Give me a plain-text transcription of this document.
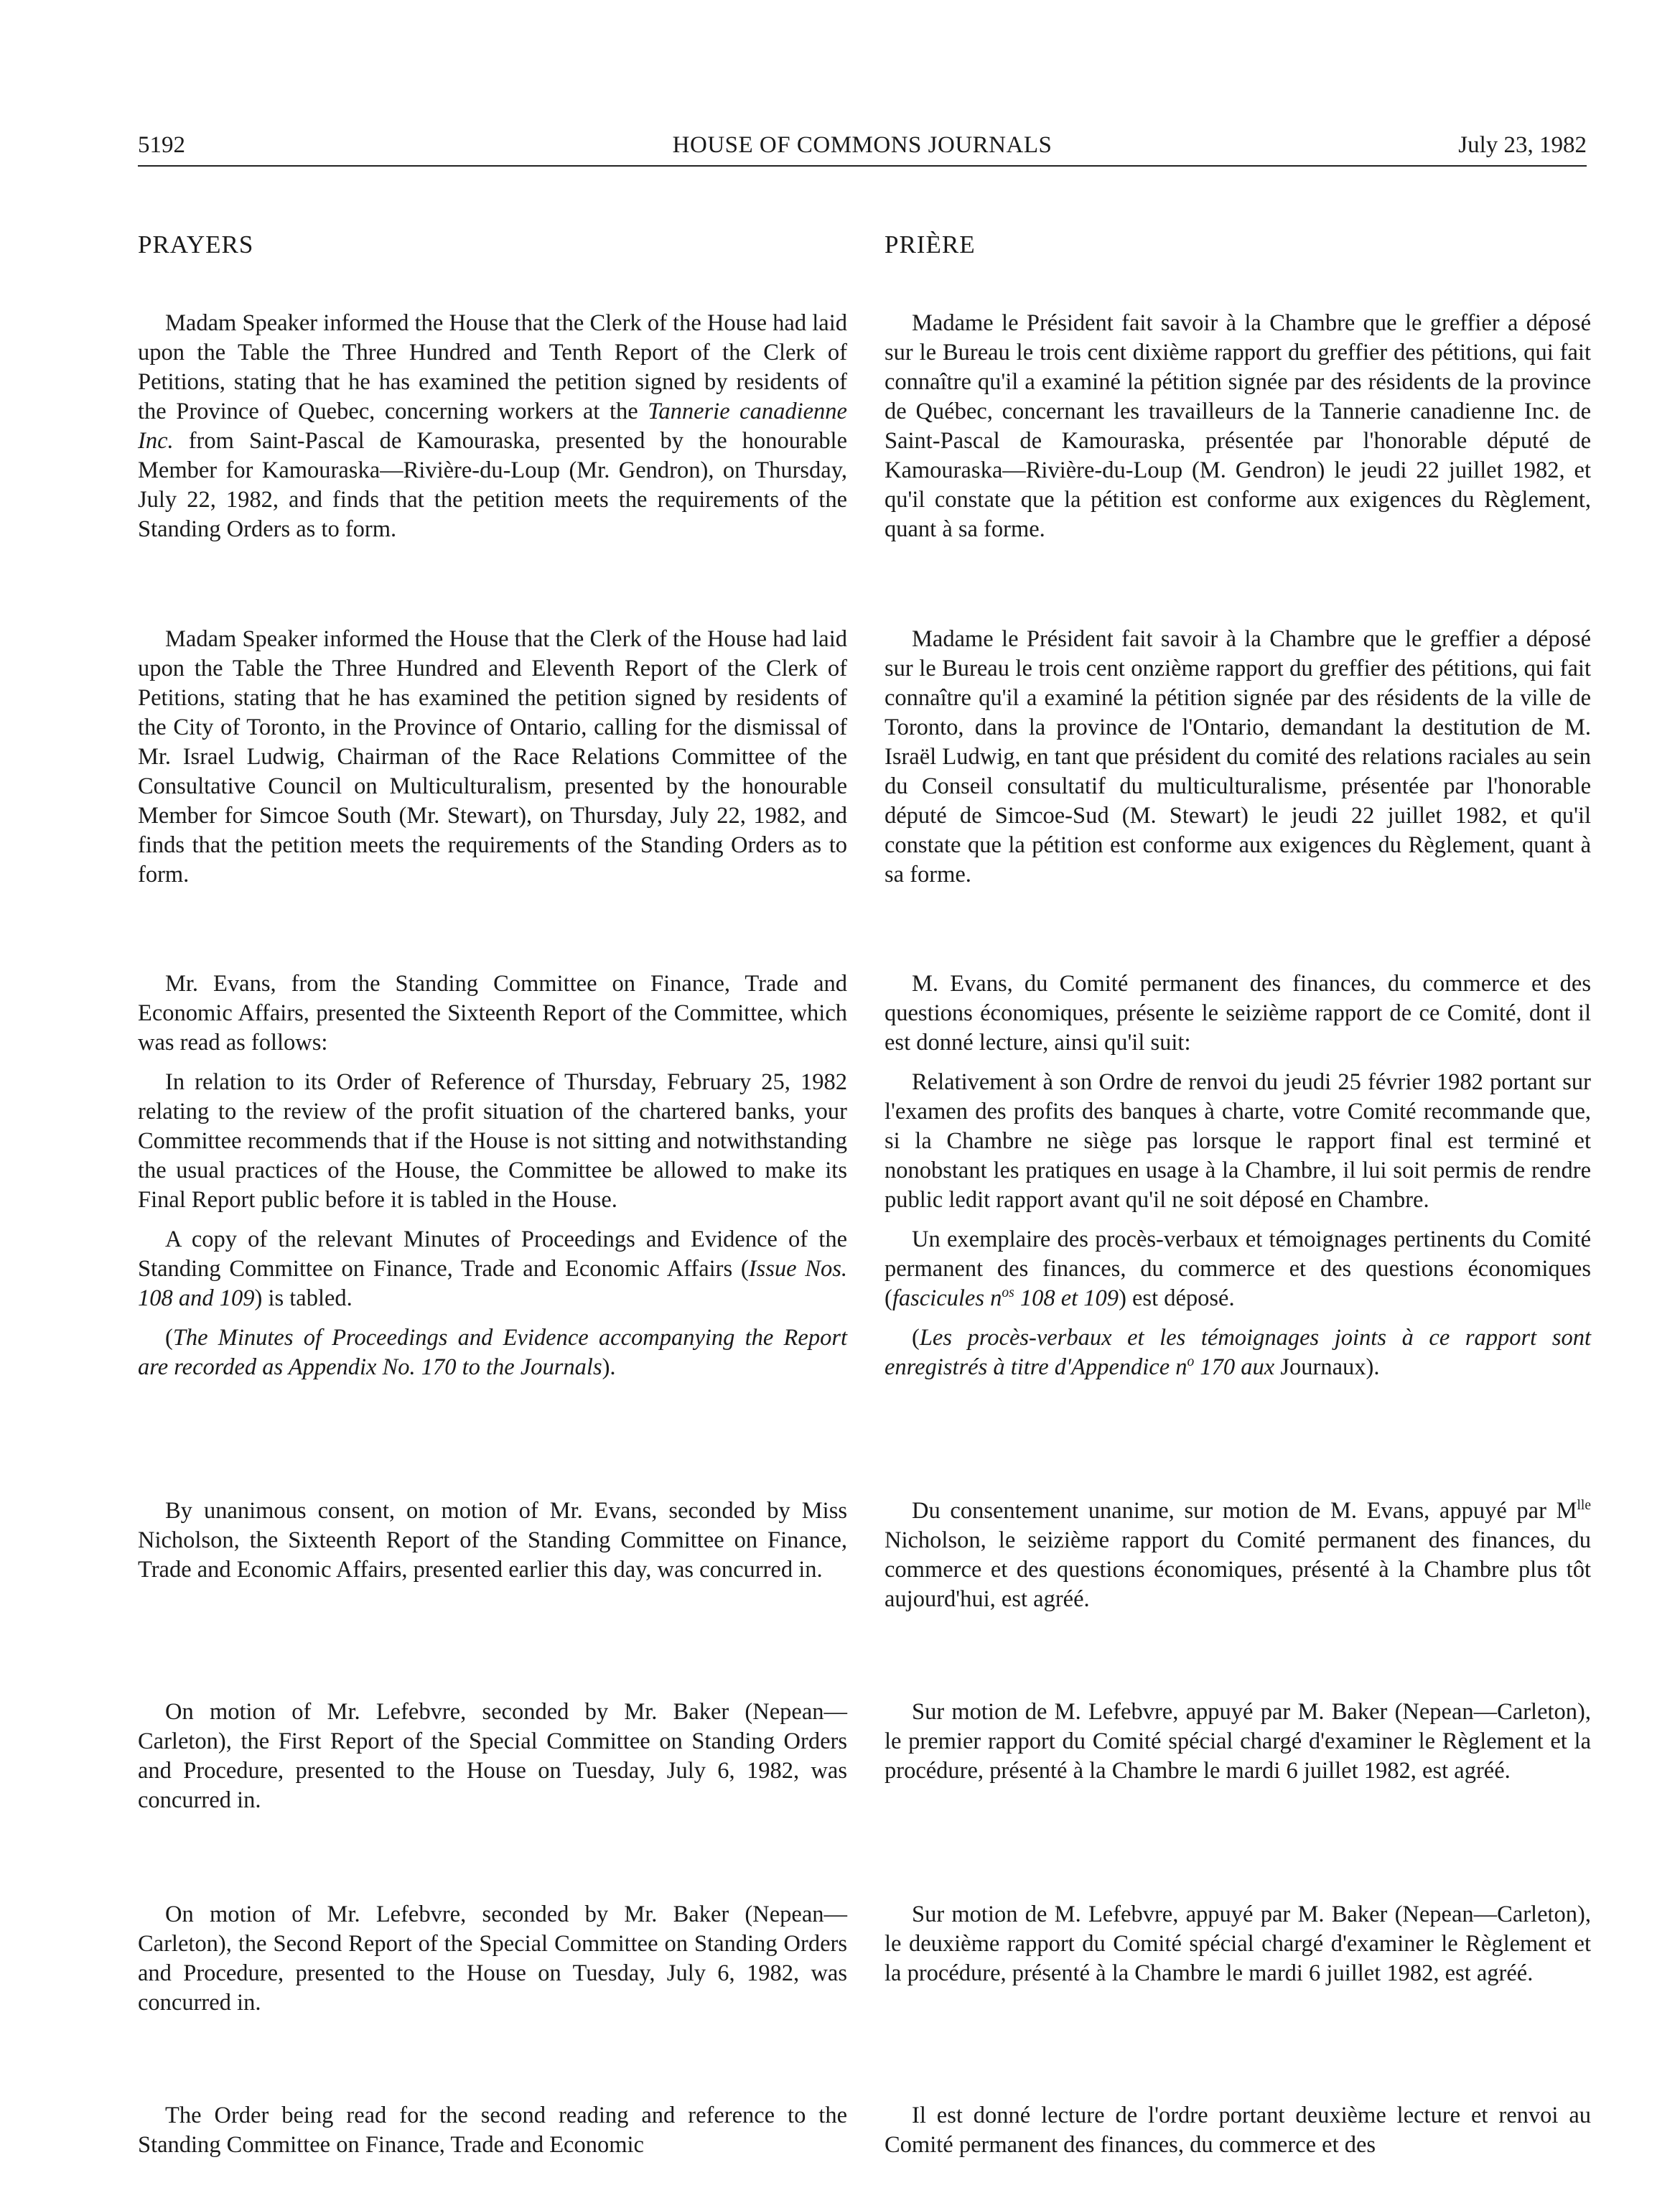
5192	HOUSE OF COMMONS JOURNALS	July 23, 1982
PRAYERS

Madam Speaker informed the House that the Clerk of the House had laid upon the Table the Three Hundred and Tenth Report of the Clerk of Petitions, stating that he has examined the petition signed by residents of the Province of Quebec, concerning workers at the Tannerie canadienne Inc. from Saint-Pascal de Kamouraska, presented by the honourable Member for Kamouraska—Rivière-du-Loup (Mr. Gendron), on Thursday, July 22, 1982, and finds that the petition meets the requirements of the Standing Orders as to form.

Madam Speaker informed the House that the Clerk of the House had laid upon the Table the Three Hundred and Eleventh Report of the Clerk of Petitions, stating that he has examined the petition signed by residents of the City of Toronto, in the Province of Ontario, calling for the dismissal of Mr. Israel Ludwig, Chairman of the Race Relations Committee of the Consultative Council on Multiculturalism, presented by the honourable Member for Simcoe South (Mr. Stewart), on Thursday, July 22, 1982, and finds that the petition meets the requirements of the Standing Orders as to form.

Mr. Evans, from the Standing Committee on Finance, Trade and Economic Affairs, presented the Sixteenth Report of the Committee, which was read as follows:

In relation to its Order of Reference of Thursday, February 25, 1982 relating to the review of the profit situation of the chartered banks, your Committee recommends that if the House is not sitting and notwithstanding the usual practices of the House, the Committee be allowed to make its Final Report public before it is tabled in the House.

A copy of the relevant Minutes of Proceedings and Evidence of the Standing Committee on Finance, Trade and Economic Affairs (Issue Nos. 108 and 109) is tabled.

(The Minutes of Proceedings and Evidence accompanying the Report are recorded as Appendix No. 170 to the Journals).

By unanimous consent, on motion of Mr. Evans, seconded by Miss Nicholson, the Sixteenth Report of the Standing Committee on Finance, Trade and Economic Affairs, presented earlier this day, was concurred in.

On motion of Mr. Lefebvre, seconded by Mr. Baker (Nepean—Carleton), the First Report of the Special Committee on Standing Orders and Procedure, presented to the House on Tuesday, July 6, 1982, was concurred in.

On motion of Mr. Lefebvre, seconded by Mr. Baker (Nepean—Carleton), the Second Report of the Special Committee on Standing Orders and Procedure, presented to the House on Tuesday, July 6, 1982, was concurred in.

The Order being read for the second reading and reference to the Standing Committee on Finance, Trade and Economic

PRIÈRE

Madame le Président fait savoir à la Chambre que le greffier a déposé sur le Bureau le trois cent dixième rapport du greffier des pétitions, qui fait connaître qu'il a examiné la pétition signée par des résidents de la province de Québec, concernant les travailleurs de la Tannerie canadienne Inc. de Saint-Pascal de Kamouraska, présentée par l'honorable député de Kamouraska—Rivière-du-Loup (M. Gendron) le jeudi 22 juillet 1982, et qu'il constate que la pétition est conforme aux exigences du Règlement, quant à sa forme.

Madame le Président fait savoir à la Chambre que le greffier a déposé sur le Bureau le trois cent onzième rapport du greffier des pétitions, qui fait connaître qu'il a examiné la pétition signée par des résidents de la ville de Toronto, dans la province de l'Ontario, demandant la destitution de M. Israël Ludwig, en tant que président du comité des relations raciales au sein du Conseil consultatif du multiculturalisme, présentée par l'honorable député de Simcoe-Sud (M. Stewart) le jeudi 22 juillet 1982, et qu'il constate que la pétition est conforme aux exigences du Règlement, quant à sa forme.

M. Evans, du Comité permanent des finances, du commerce et des questions économiques, présente le seizième rapport de ce Comité, dont il est donné lecture, ainsi qu'il suit:

Relativement à son Ordre de renvoi du jeudi 25 février 1982 portant sur l'examen des profits des banques à charte, votre Comité recommande que, si la Chambre ne siège pas lorsque le rapport final est terminé et nonobstant les pratiques en usage à la Chambre, il lui soit permis de rendre public ledit rapport avant qu'il ne soit déposé en Chambre.

Un exemplaire des procès-verbaux et témoignages pertinents du Comité permanent des finances, du commerce et des questions économiques (fascicules $n^{os}$ 108 et 109) est déposé.

(Les procès-verbaux et les témoignages joints à ce rapport sont enregistrés à titre d'Appendice $n^o$ 170 aux Journaux).

Du consentement unanime, sur motion de M. Evans, appuyé par $M^{lle}$ Nicholson, le seizième rapport du Comité permanent des finances, du commerce et des questions économiques, présenté à la Chambre plus tôt aujourd'hui, est agréé.

Sur motion de M. Lefebvre, appuyé par M. Baker (Nepean—Carleton), le premier rapport du Comité spécial chargé d'examiner le Règlement et la procédure, présenté à la Chambre le mardi 6 juillet 1982, est agréé.

Sur motion de M. Lefebvre, appuyé par M. Baker (Nepean—Carleton), le deuxième rapport du Comité spécial chargé d'examiner le Règlement et la procédure, présenté à la Chambre le mardi 6 juillet 1982, est agréé.

Il est donné lecture de l'ordre portant deuxième lecture et renvoi au Comité permanent des finances, du commerce et des
